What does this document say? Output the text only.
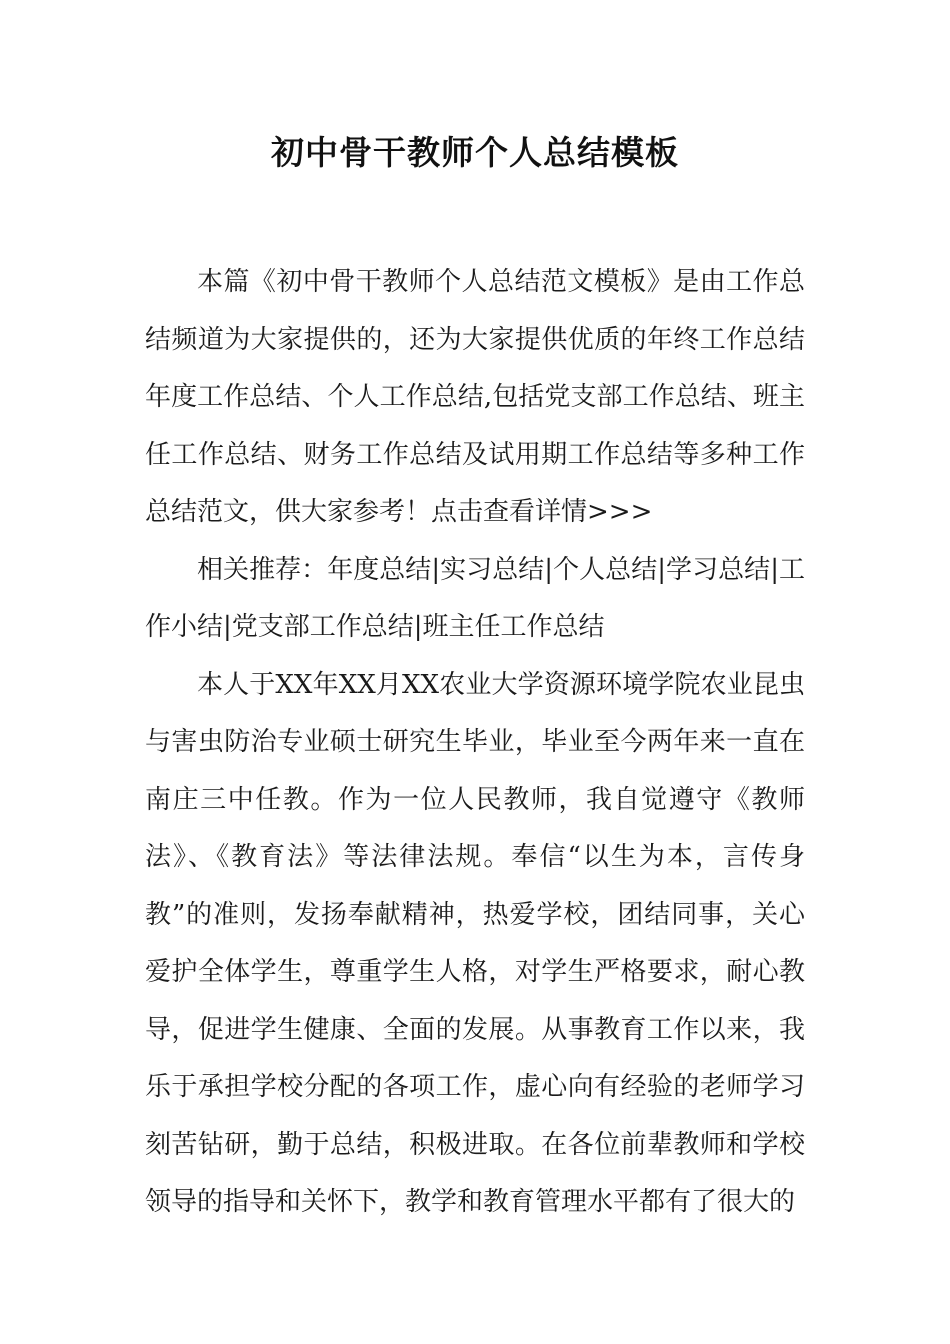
初中骨干教师个人总结模板

本篇《初中骨干教师个人总结范文模板》是由工作总结频道为大家提供的，还为大家提供优质的年终工作总结年度工作总结、个人工作总结,包括党支部工作总结、班主任工作总结、财务工作总结及试用期工作总结等多种工作总结范文，供大家参考！点击查看详情>>>

相关推荐：年度总结|实习总结|个人总结|学习总结|工作小结|党支部工作总结|班主任工作总结

本人于XX年XX月XX农业大学资源环境学院农业昆虫与害虫防治专业硕士研究生毕业，毕业至今两年来一直在南庄三中任教。作为一位人民教师，我自觉遵守《教师法》、《教育法》等法律法规。奉信“以生为本，言传身教”的准则，发扬奉献精神，热爱学校，团结同事，关心爱护全体学生，尊重学生人格，对学生严格要求，耐心教导，促进学生健康、全面的发展。从事教育工作以来，我乐于承担学校分配的各项工作，虚心向有经验的老师学习刻苦钻研，勤于总结，积极进取。在各位前辈教师和学校领导的指导和关怀下，教学和教育管理水平都有了很大的
